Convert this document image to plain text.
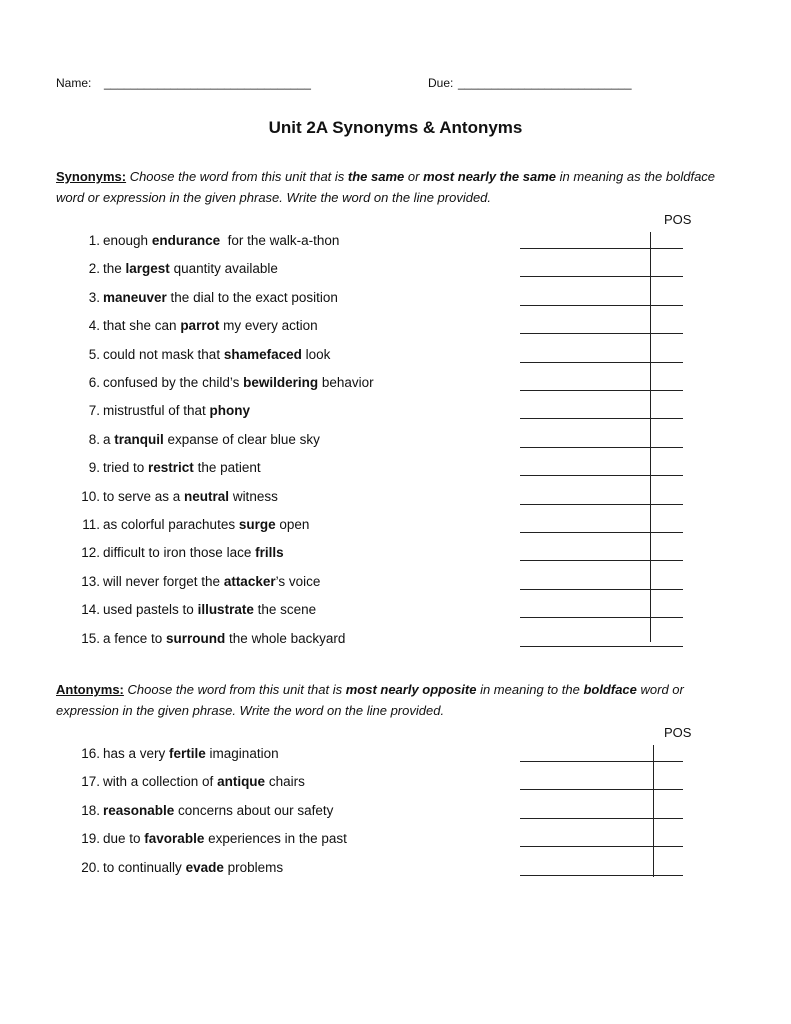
Name: _______________________________	Due: __________________________
Unit 2A Synonyms & Antonyms
Synonyms: Choose the word from this unit that is the same or most nearly the same in meaning as the boldface word or expression in the given phrase. Write the word on the line provided.
POS
1. enough endurance  for the walk-a-thon
2. the largest quantity available
3. maneuver the dial to the exact position
4. that she can parrot my every action
5. could not mask that shamefaced look
6. confused by the child’s bewildering behavior
7. mistrustful of that phony
8. a tranquil expanse of clear blue sky
9. tried to restrict the patient
10. to serve as a neutral witness
11. as colorful parachutes surge open
12. difficult to iron those lace frills
13. will never forget the attacker’s voice
14. used pastels to illustrate the scene
15. a fence to surround the whole backyard
Antonyms: Choose the word from this unit that is most nearly opposite in meaning to the boldface word or expression in the given phrase. Write the word on the line provided.
POS
16. has a very fertile imagination
17. with a collection of antique chairs
18. reasonable concerns about our safety
19. due to favorable experiences in the past
20. to continually evade problems
